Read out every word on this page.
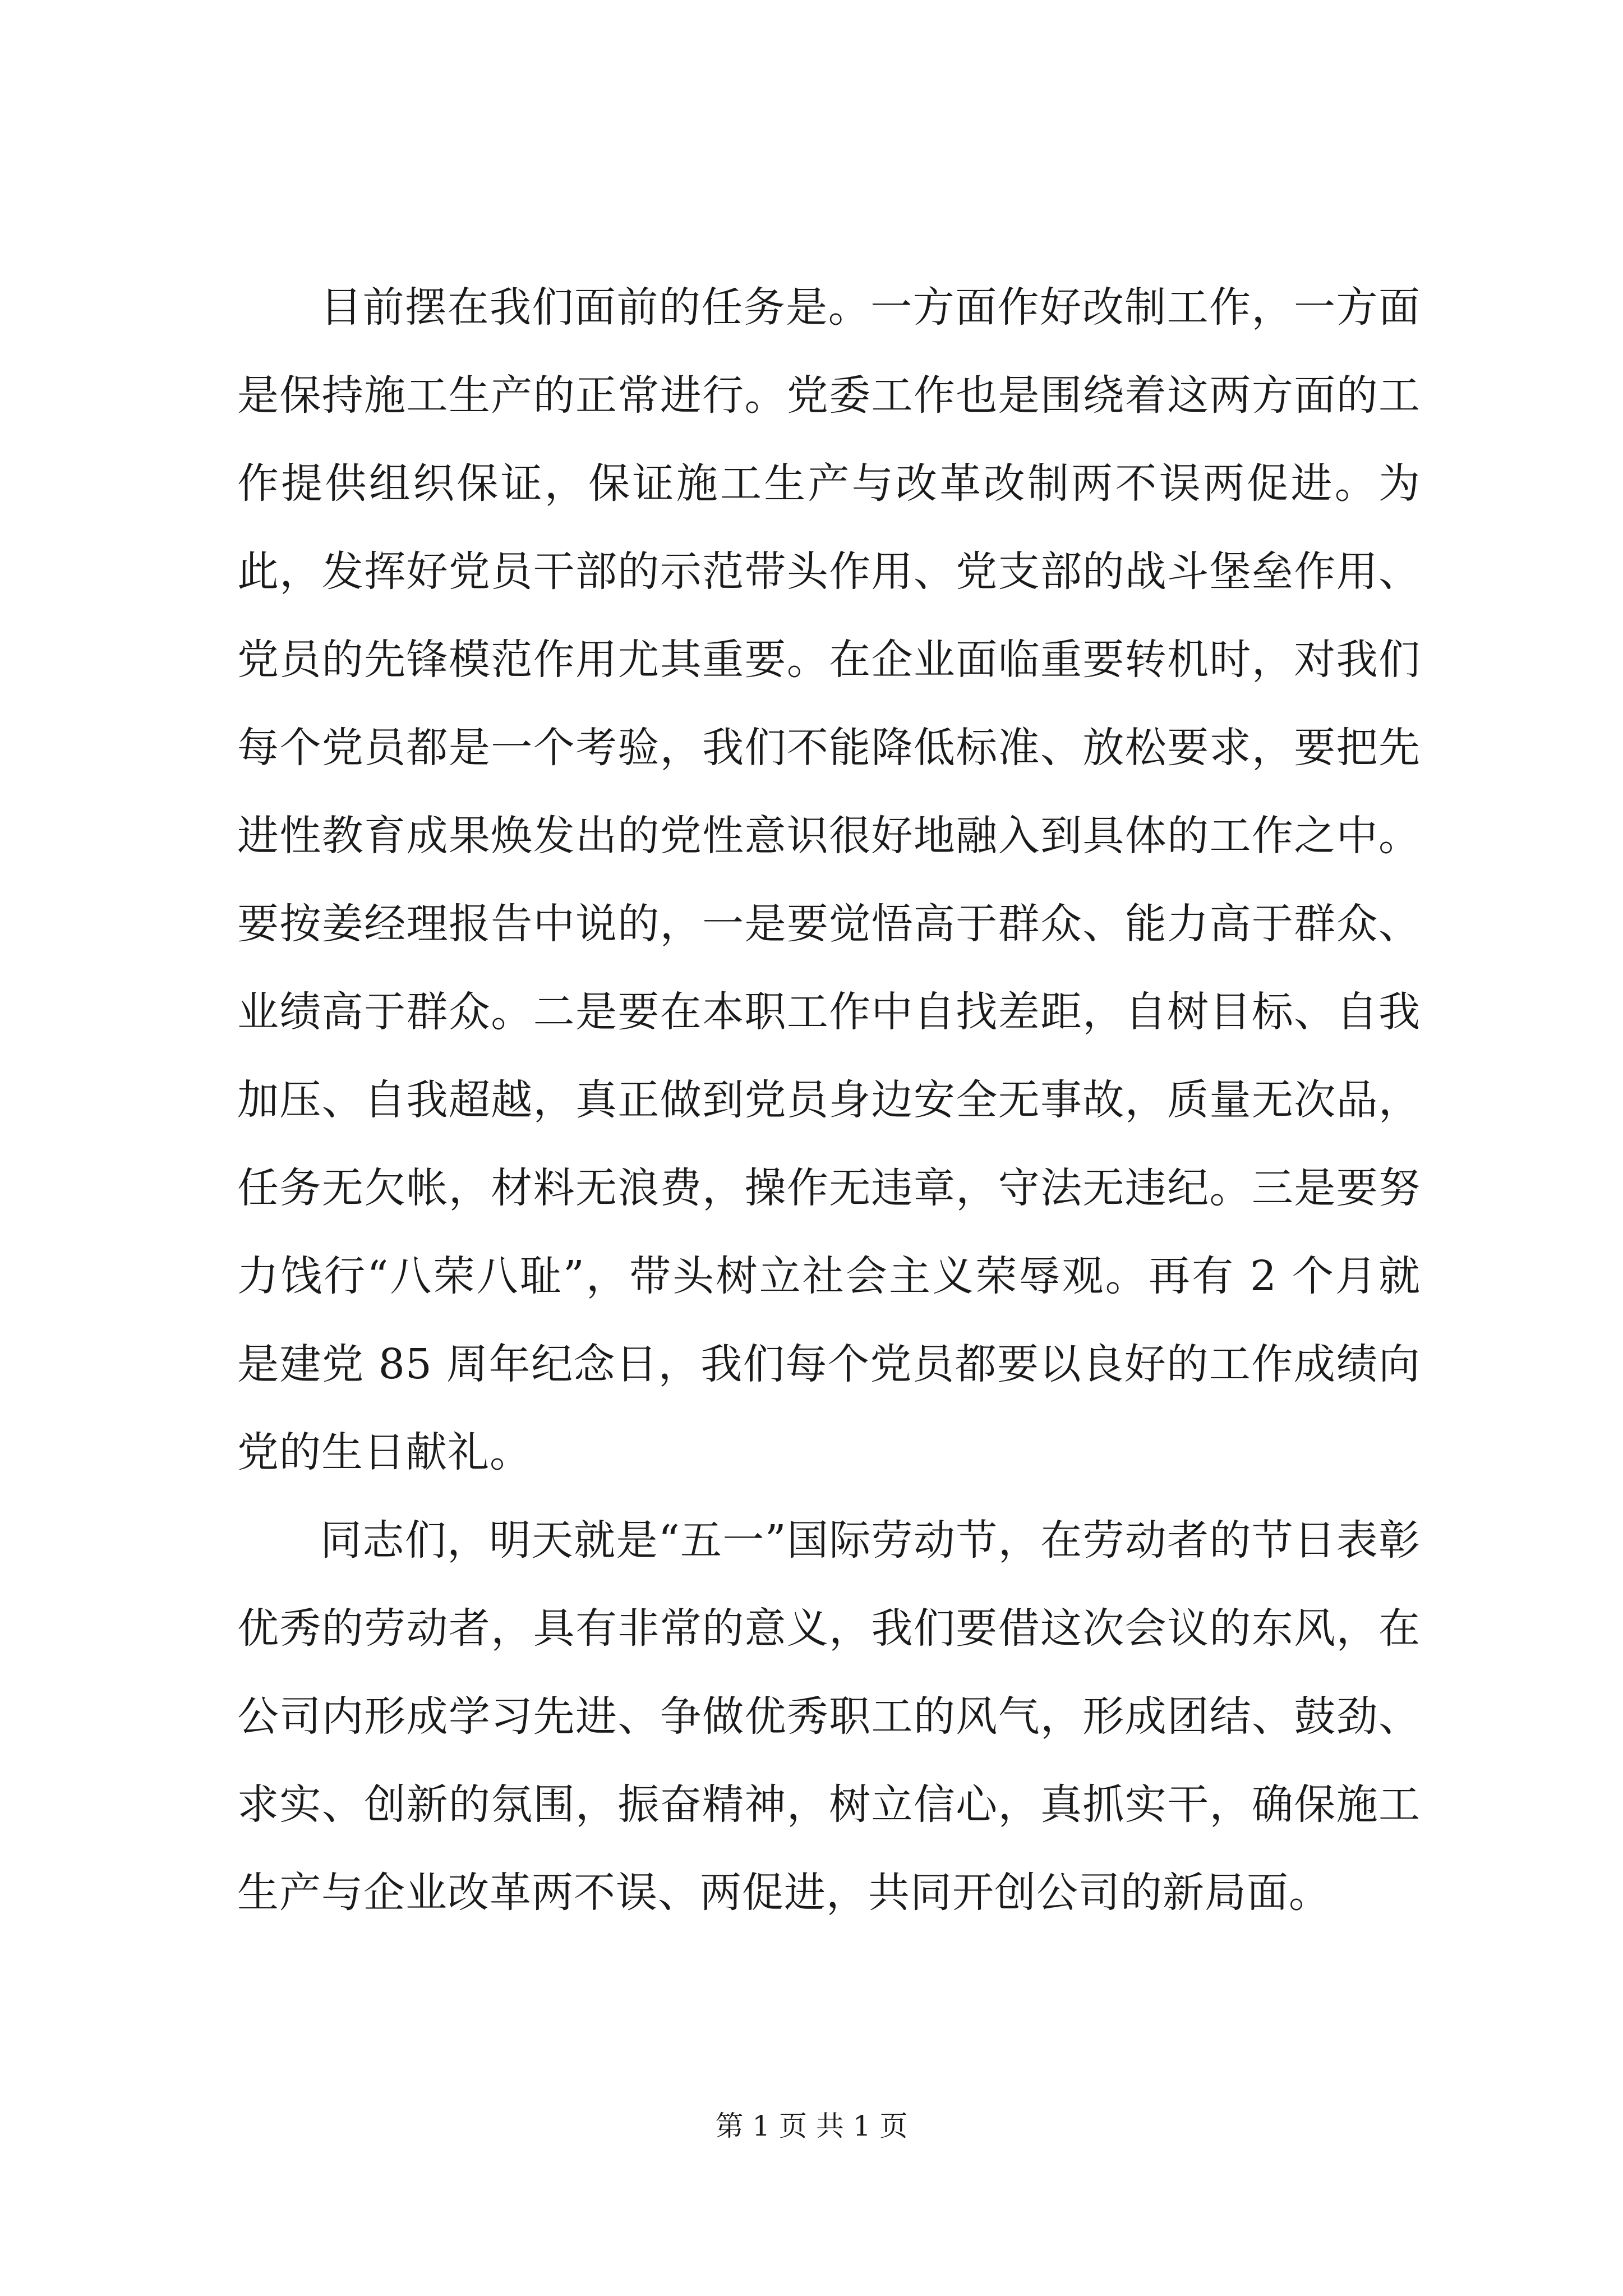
目前摆在我们面前的任务是。一方面作好改制工作，一方面是保持施工生产的正常进行。党委工作也是围绕着这两方面的工作提供组织保证，保证施工生产与改革改制两不误两促进。为此，发挥好党员干部的示范带头作用、党支部的战斗堡垒作用、党员的先锋模范作用尤其重要。在企业面临重要转机时，对我们每个党员都是一个考验，我们不能降低标准、放松要求，要把先进性教育成果焕发出的党性意识很好地融入到具体的工作之中。要按姜经理报告中说的，一是要觉悟高于群众、能力高于群众、业绩高于群众。二是要在本职工作中自找差距，自树目标、自我加压、自我超越，真正做到党员身边安全无事故，质量无次品，任务无欠帐，材料无浪费，操作无违章，守法无违纪。三是要努力饯行“八荣八耻”，带头树立社会主义荣辱观。再有 2 个月就是建党 85 周年纪念日，我们每个党员都要以良好的工作成绩向党的生日献礼。

同志们，明天就是“五一”国际劳动节，在劳动者的节日表彰优秀的劳动者，具有非常的意义，我们要借这次会议的东风，在公司内形成学习先进、争做优秀职工的风气，形成团结、鼓劲、求实、创新的氛围，振奋精神，树立信心，真抓实干，确保施工生产与企业改革两不误、两促进，共同开创公司的新局面。

第 1 页 共 1 页
